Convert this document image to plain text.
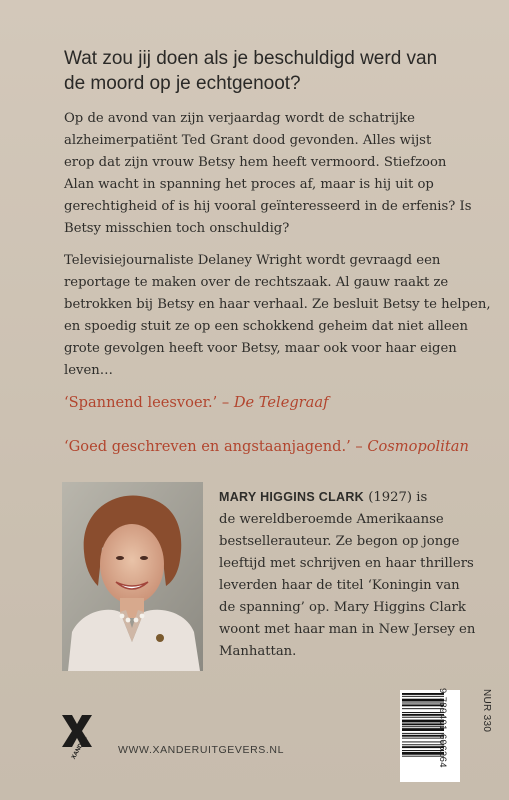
Wat zou jij doen als je beschuldigd werd van
de moord op je echtgenoot?
Op de avond van zijn verjaardag wordt de schatrijke
alzheimerpatiënt Ted Grant dood gevonden. Alles wijst
erop dat zijn vrouw Betsy hem heeft vermoord. Stiefzoon
Alan wacht in spanning het proces af, maar is hij uit op
gerechtigheid of is hij vooral geïnteresseerd in de erfenis? Is
Betsy misschien toch onschuldig?
Televisiejournaliste Delaney Wright wordt gevraagd een
reportage te maken over de rechtszaak. Al gauw raakt ze
betrokken bij Betsy en haar verhaal. Ze besluit Betsy te helpen,
en spoedig stuit ze op een schokkend geheim dat niet alleen
grote gevolgen heeft voor Betsy, maar ook voor haar eigen
leven…
‘Spannend leesvoer.’ – De Telegraaf
‘Goed geschreven en angstaanjagend.’ – Cosmopolitan
MARY HIGGINS CLARK (1927) is
de wereldberoemde Amerikaanse
bestsellerauteur. Ze begon op jonge
leeftijd met schrijven en haar thrillers
leverden haar de titel ‘Koningin van
de spanning’ op. Mary Higgins Clark
woont met haar man in New Jersey en
Manhattan.
XANDER	WWW.XANDERUITGEVERS.NL	9 789401 606264	NUR 330
